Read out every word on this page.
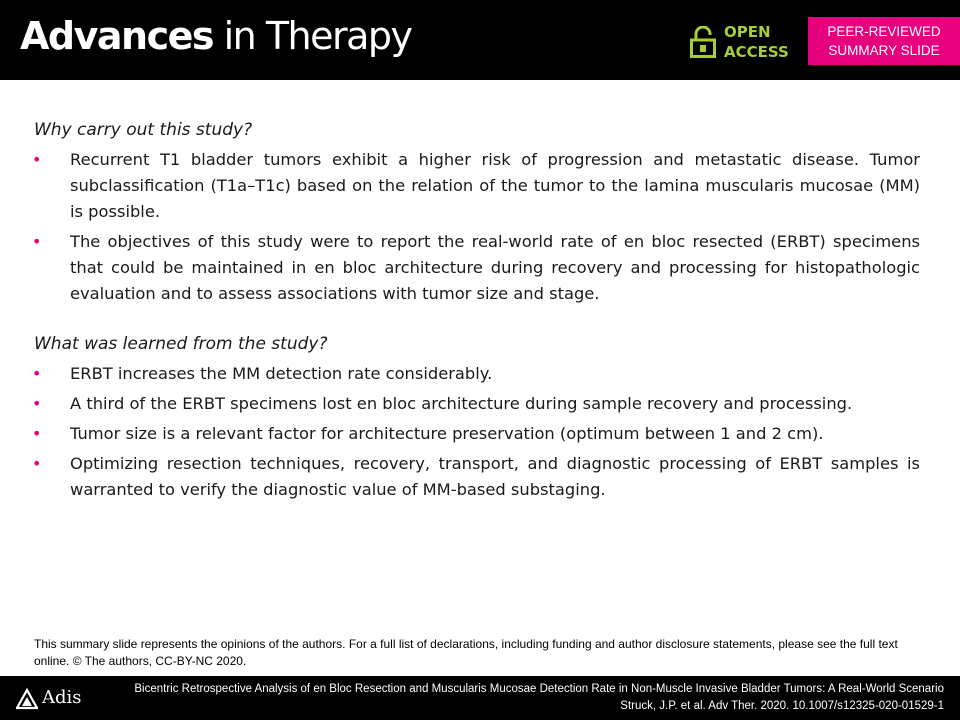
Advances in Therapy	OPEN
ACCESS
PEER-REVIEWED
SUMMARY SLIDE

Why carry out this study?

• Recurrent T1 bladder tumors exhibit a higher risk of progression and metastatic disease. Tumor subclassification (T1a–T1c) based on the relation of the tumor to the lamina muscularis mucosae (MM) is possible.
• The objectives of this study were to report the real-world rate of en bloc resected (ERBT) specimens that could be maintained in en bloc architecture during recovery and processing for histopathologic evaluation and to assess associations with tumor size and stage.

What was learned from the study?

• ERBT increases the MM detection rate considerably.
• A third of the ERBT specimens lost en bloc architecture during sample recovery and processing.
• Tumor size is a relevant factor for architecture preservation (optimum between 1 and 2 cm).
• Optimizing resection techniques, recovery, transport, and diagnostic processing of ERBT samples is warranted to verify the diagnostic value of MM-based substaging.
This summary slide represents the opinions of the authors. For a full list of declarations, including funding and author disclosure statements, please see the full text online. © The authors, CC-BY-NC 2020.
Adis	Bicentric Retrospective Analysis of en Bloc Resection and Muscularis Mucosae Detection Rate in Non-Muscle Invasive Bladder Tumors: A Real-World Scenario
Struck, J.P. et al. Adv Ther. 2020. 10.1007/s12325-020-01529-1
